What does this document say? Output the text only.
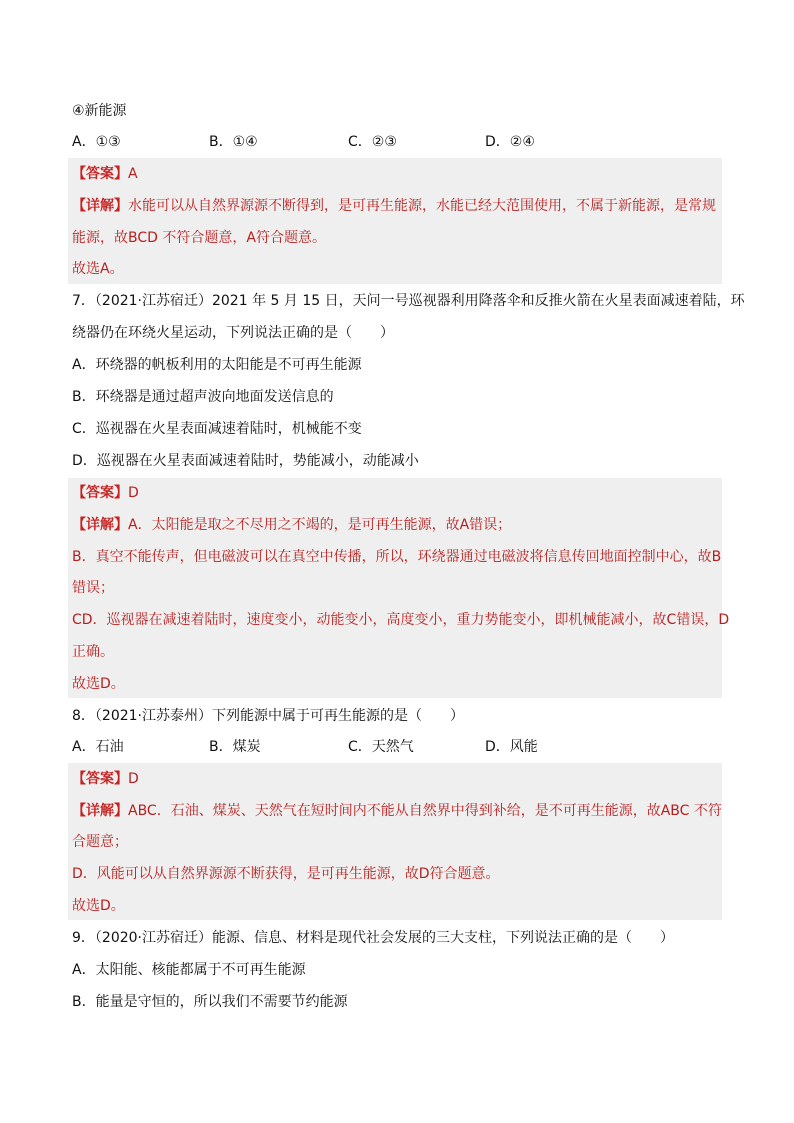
④新能源
A．①③	B．①④	C．②③	D．②④
【答案】A
【详解】水能可以从自然界源源不断得到，是可再生能源，水能已经大范围使用，不属于新能源，是常规
能源，故BCD 不符合题意，A符合题意。
故选A。
7．（2021·江苏宿迁）2021 年 5 月 15 日，天问一号巡视器利用降落伞和反推火箭在火星表面减速着陆，环
绕器仍在环绕火星运动，下列说法正确的是（　　）
A．环绕器的帆板利用的太阳能是不可再生能源
B．环绕器是通过超声波向地面发送信息的
C．巡视器在火星表面减速着陆时，机械能不变
D．巡视器在火星表面减速着陆时，势能减小，动能减小
【答案】D
【详解】A．太阳能是取之不尽用之不竭的，是可再生能源，故A错误；
B．真空不能传声，但电磁波可以在真空中传播，所以，环绕器通过电磁波将信息传回地面控制中心，故B
错误；
CD．巡视器在减速着陆时，速度变小，动能变小，高度变小，重力势能变小，即机械能减小，故C错误，D
正确。
故选D。
8．（2021·江苏泰州）下列能源中属于可再生能源的是（　　）
A．石油	B．煤炭	C．天然气	D．风能
【答案】D
【详解】ABC．石油、煤炭、天然气在短时间内不能从自然界中得到补给，是不可再生能源，故ABC 不符
合题意；
D．风能可以从自然界源源不断获得，是可再生能源，故D符合题意。
故选D。
9．（2020·江苏宿迁）能源、信息、材料是现代社会发展的三大支柱，下列说法正确的是（　　）
A．太阳能、核能都属于不可再生能源
B．能量是守恒的，所以我们不需要节约能源
